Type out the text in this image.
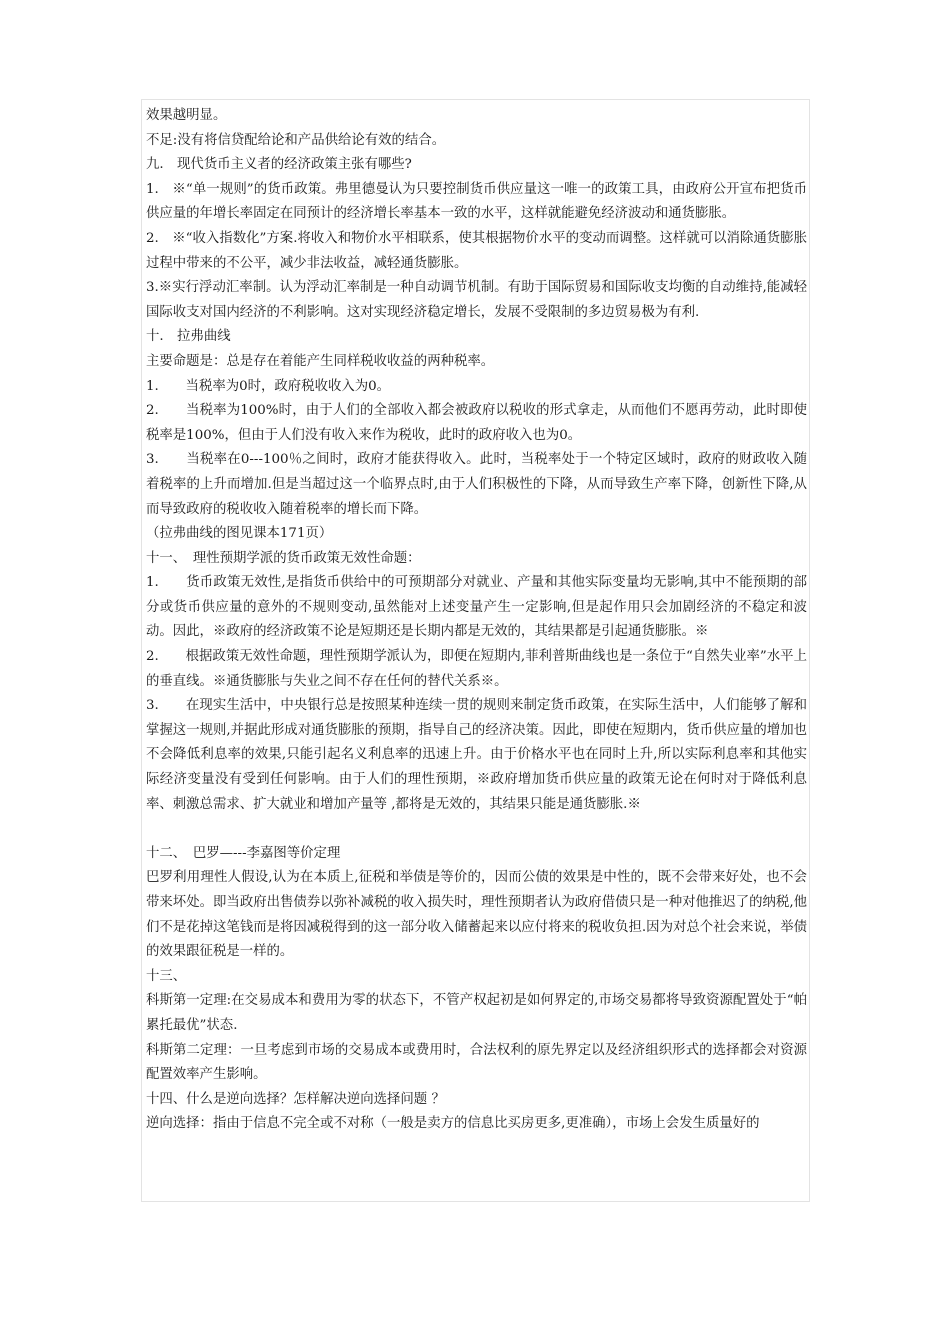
效果越明显。

不足:没有将信贷配给论和产品供给论有效的结合。

九.　现代货币主义者的经济政策主张有哪些?

1.　※“单一规则”的货币政策。弗里德曼认为只要控制货币供应量这一唯一的政策工具，由政府公开宣布把货币供应量的年增长率固定在同预计的经济增长率基本一致的水平，这样就能避免经济波动和通货膨胀。

2.　※“收入指数化”方案.将收入和物价水平相联系，使其根据物价水平的变动而调整。这样就可以消除通货膨胀过程中带来的不公平，减少非法收益，减轻通货膨胀。

3.※实行浮动汇率制。认为浮动汇率制是一种自动调节机制。有助于国际贸易和国际收支均衡的自动维持,能减轻国际收支对国内经济的不利影响。这对实现经济稳定增长，发展不受限制的多边贸易极为有利.

十.　拉弗曲线

主要命题是：总是存在着能产生同样税收收益的两种税率。

1.　　当税率为0时，政府税收收入为0。

2.　　当税率为100%时，由于人们的全部收入都会被政府以税收的形式拿走，从而他们不愿再劳动，此时即使税率是100%，但由于人们没有收入来作为税收，此时的政府收入也为0。

3.　　当税率在0---100％之间时，政府才能获得收入。此时，当税率处于一个特定区域时，政府的财政收入随着税率的上升而增加.但是当超过这一个临界点时,由于人们积极性的下降，从而导致生产率下降，创新性下降,从而导致政府的税收收入随着税率的增长而下降。

（拉弗曲线的图见课本171页）

十一、　理性预期学派的货币政策无效性命题：

1.　　货币政策无效性,是指货币供给中的可预期部分对就业、产量和其他实际变量均无影响,其中不能预期的部分或货币供应量的意外的不规则变动,虽然能对上述变量产生一定影响,但是起作用只会加剧经济的不稳定和波动。因此，※政府的经济政策不论是短期还是长期内都是无效的，其结果都是引起通货膨胀。※

2.　　根据政策无效性命题，理性预期学派认为，即便在短期内,菲利普斯曲线也是一条位于“自然失业率”水平上的垂直线。※通货膨胀与失业之间不存在任何的替代关系※。

3.　　在现实生活中，中央银行总是按照某种连续一贯的规则来制定货币政策，在实际生活中，人们能够了解和掌握这一规则,并据此形成对通货膨胀的预期，指导自己的经济决策。因此，即使在短期内，货币供应量的增加也不会降低利息率的效果,只能引起名义利息率的迅速上升。由于价格水平也在同时上升,所以实际利息率和其他实际经济变量没有受到任何影响。由于人们的理性预期，※政府增加货币供应量的政策无论在何时对于降低利息率、刺激总需求、扩大就业和增加产量等 ,都将是无效的，其结果只能是通货膨胀.※

十二、　巴罗—---李嘉图等价定理

巴罗利用理性人假设,认为在本质上,征税和举债是等价的，因而公债的效果是中性的，既不会带来好处，也不会带来坏处。即当政府出售债券以弥补减税的收入损失时，理性预期者认为政府借债只是一种对他推迟了的纳税,他们不是花掉这笔钱而是将因减税得到的这一部分收入储蓄起来以应付将来的税收负担.因为对总个社会来说，举债的效果跟征税是一样的。

十三、

科斯第一定理:在交易成本和费用为零的状态下，不管产权起初是如何界定的,市场交易都将导致资源配置处于“帕累托最优”状态.

科斯第二定理：一旦考虑到市场的交易成本或费用时，合法权利的原先界定以及经济组织形式的选择都会对资源配置效率产生影响。

十四、什么是逆向选择？怎样解决逆向选择问题 ？

逆向选择：指由于信息不完全或不对称（一般是卖方的信息比买房更多,更准确），市场上会发生质量好的
